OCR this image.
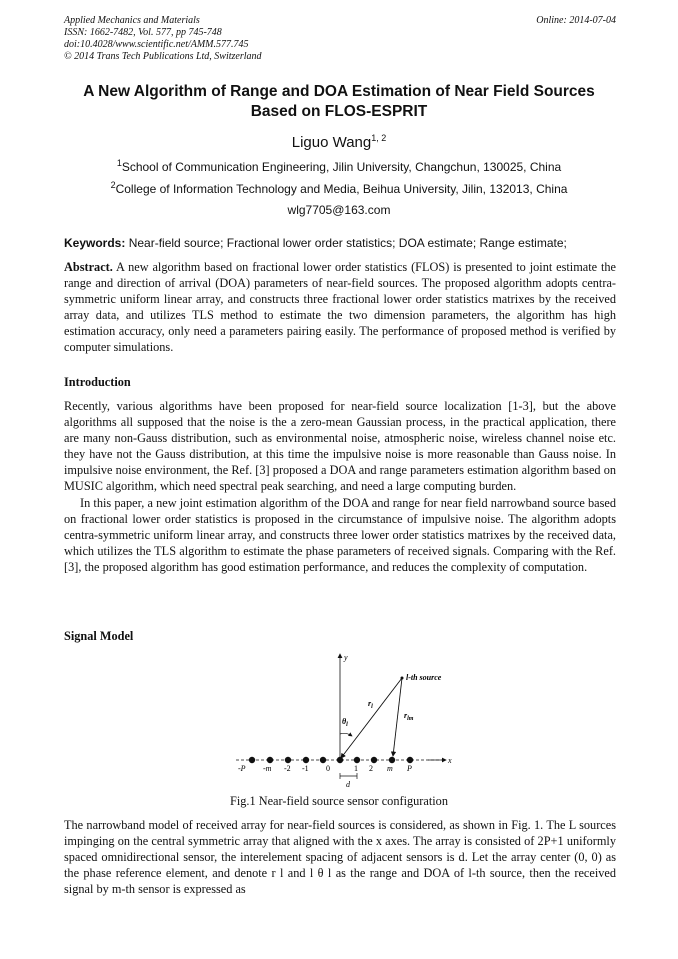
Applied Mechanics and Materials
ISSN: 1662-7482, Vol. 577, pp 745-748
doi:10.4028/www.scientific.net/AMM.577.745
© 2014 Trans Tech Publications Ltd, Switzerland
Online: 2014-07-04
A New Algorithm of Range and DOA Estimation of Near Field Sources
Based on FLOS-ESPRIT
Liguo Wang$^{1, 2}$
$^1$School of Communication Engineering, Jilin University, Changchun, 130025, China
$^2$College of Information Technology and Media, Beihua University, Jilin, 132013, China
wlg7705@163.com
Keywords: Near-field source; Fractional lower order statistics; DOA estimate; Range estimate;

Abstract. A new algorithm based on fractional lower order statistics (FLOS) is presented to joint estimate the range and direction of arrival (DOA) parameters of near-field sources. The proposed algorithm adopts centra-symmetric uniform linear array, and constructs three fractional lower order statistics matrixes by the received array data, and utilizes TLS method to estimate the two dimension parameters, the algorithm has high estimation accuracy, only need a parameters pairing easily. The performance of proposed method is verified by computer simulations.

Introduction

Recently, various algorithms have been proposed for near-field source localization [1-3], but the above algorithms all supposed that the noise is the a zero-mean Gaussian process, in the practical application, there are many non-Gauss distribution, such as environmental noise, atmospheric noise, wireless channel noise etc. they have not the Gauss distribution, at this time the impulsive noise is more reasonable than Gauss noise. In impulsive noise environment, the Ref. [3] proposed a DOA and range parameters estimation algorithm based on MUSIC algorithm, which need spectral peak searching, and need a large computing burden.

In this paper, a new joint estimation algorithm of the DOA and range for near field narrowband source based on fractional lower order statistics is proposed in the circumstance of impulsive noise. The algorithm adopts centra-symmetric uniform linear array, and constructs three lower order statistics matrixes by the received data, which utilizes the TLS algorithm to estimate the phase parameters of received signals. Comparing with the Ref. [3], the proposed algorithm has good estimation performance, and reduces the complexity of computation.

Signal Model
y
x
-P -m -2 -1 0	1 2 m P
l-th source
$r_l$
$r_{lm}$
$\theta_l$
d
Fig.1 Near-field source sensor configuration

The narrowband model of received array for near-field sources is considered, as shown in Fig. 1. The L sources impinging on the central symmetric array that aligned with the x axes. The array is consisted of 2P+1 uniformly spaced omnidirectional sensor, the interelement spacing of adjacent sensors is d. Let the array center (0, 0) as the phase reference element, and denote r l and l θ l as the range and DOA of l-th source, then the received signal by m-th sensor is expressed as
